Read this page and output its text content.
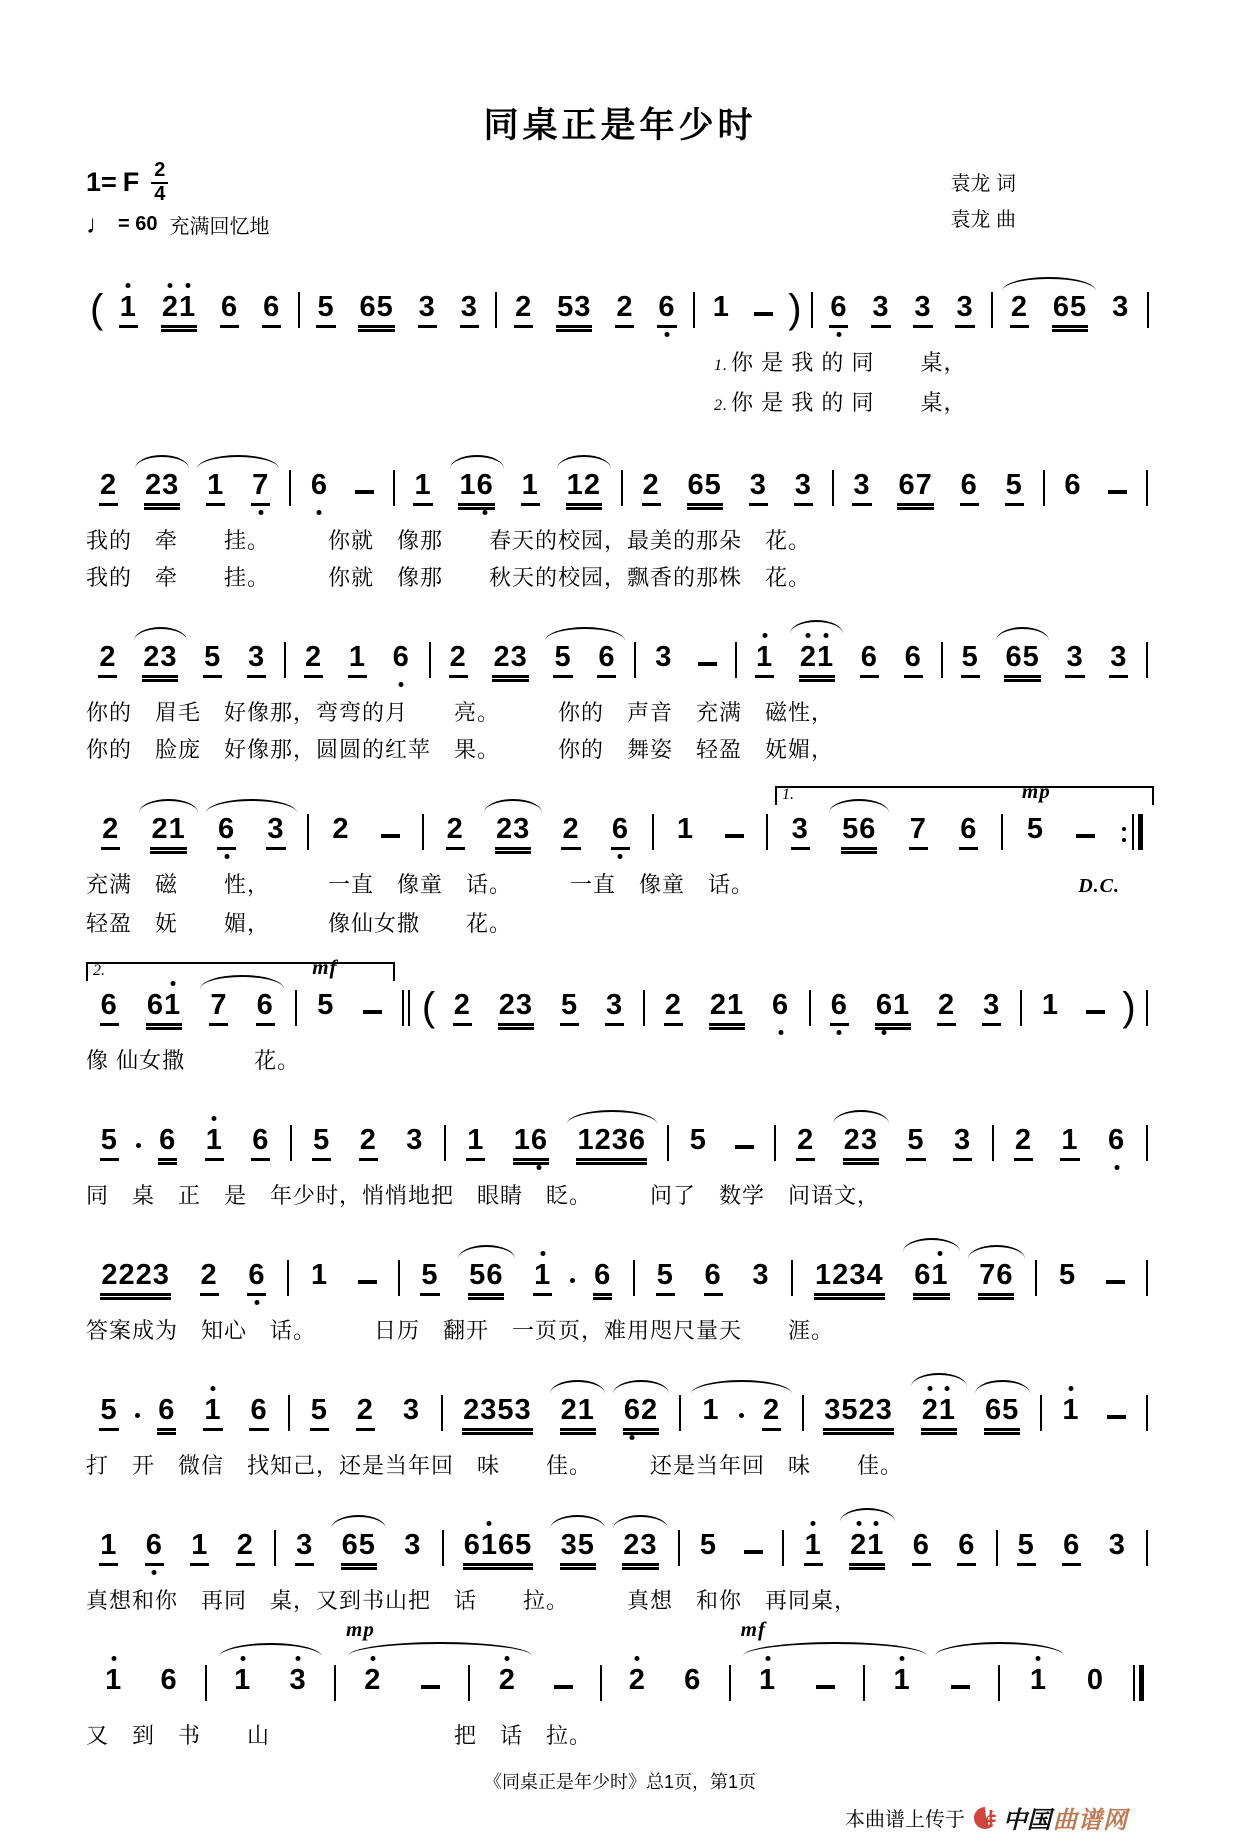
同桌正是年少时
袁龙 词
袁龙 曲
1= F $\frac{2}{4}$
♩ = 60 充满回忆地
( 1 2 1 6 6 5 6 5 3 3 2 5 3 2 6 1 ) 6 3 3 3 2 6 5 3
1. 你 是 我 的 同　　桌，
2. 你 是 我 的 同　　桌，
2 2 3 1 7 6	1 1 6 1 1 2 2 6 5 3 3 3 6 7 6 5 6
我的　牵　　挂。　　　你就　像那　　春天的校园，最美的那朵　花。
我的　牵　　挂。　　　你就　像那　　秋天的校园，飘香的那株　花。
2 2 3 5 3 2 1 6 2 2 3 5 6 3	1 2 1 6 6 5 6 5 3 3
你的　眉毛　好像那，弯弯的月　　亮。　　　你的　声音　充满　磁性，
你的　脸庞　好像那，圆圆的红苹　果。　　　你的　舞姿　轻盈　妩媚，
2 2 1 6 3 2	2 2 3 2 6 1
1.
3 5 6 7 6 5
mp
充满　磁　　性，　　　一直　像童　话。　　　一直　像童　话。	D.C.
轻盈　妩　　媚，　　　像仙女撒　　花。
2.
6 6 1 7 6 5
mf
( 2 2 3 5 3 2 2 1 6 6 6 1 2 3 1 )
像 仙女撒　　　花。
5 6 1 6 5 2 3 1 1 6 1 2 3 6 5	2 2 3 5 3 2 1 6
同　桌　正　是　年少时，悄悄地把　眼睛　眨。　　　问了　数学　问语文，
2 2 2 3 2 6 1	5 5 6 1 6 5 6 3 1 2 3 4 6 1 7 6 5
答案成为　知心　话。　　　日历　翻开　一页页，难用咫尺量天　　涯。
5 6 1 6 5 2 3 2 3 5 3 2 1 6 2 1 2 3 5 2 3 2 1 6 5 1
打　开　微信　找知己，还是当年回　味　　佳。　　　还是当年回　味　　佳。
1 6 1 2 3 6 5 3 6 1 6 5 3 5 2 3 5	1 2 1 6 6 5 6 3
真想和你　再同　桌，又到书山把　话　　拉。　　　真想　和你　再同桌，
1 6 1 3
mp
2	2	2 6
mf
1	1	1 0
又　到　书　　山　　　　　　　　把　话　拉。
《同桌正是年少时》总1页，第1页
本曲谱上传于 中国 曲谱网
